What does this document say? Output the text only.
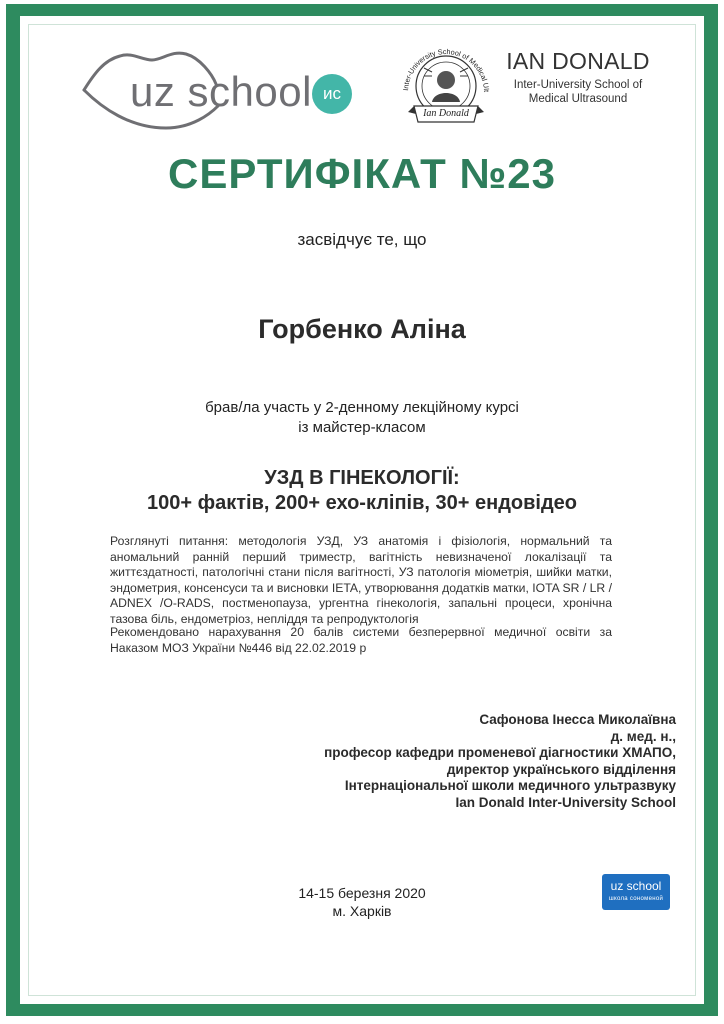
uz school ис	Inter-University School of Medical Ult
Ian Donald
IAN DONALD
Inter-University School of
Medical Ultrasound
СЕРТИФІКАТ №23
засвідчує те, що
Горбенко Аліна
брав/ла участь у 2-денному лекційному курсі
із майстер-класом
УЗД В ГІНЕКОЛОГІЇ:
100+ фактів, 200+ ехо-кліпів, 30+ ендовідео
Розглянуті питання: методологія УЗД, УЗ анатомія і фізіологія, нормальний та аномальний ранній перший триместр, вагітність невизначеної локалізації та життєздатності, патологічні стани після вагітності, УЗ патологія міометрія, шийки матки, эндометрия, консенсуси та и висновки IETA, утворювання додатків матки, IOTA SR / LR / ADNEX /O-RADS, постменопауза, ургентна гінекологія, запальні процеси, хронічна тазова біль, ендометріоз, непліддя та репродуктологія
Рекомендовано нарахування 20 балів системи безперервної медичної освіти за Наказом МОЗ України №446 від 22.02.2019 р
Сафонова Інесса Миколаївна
д. мед. н.,
професор кафедри променевої діагностики ХМАПО,
директор українського відділення
Інтернаціональної школи медичного ультразвуку
Ian Donald Inter-University School
14-15 березня 2020
м. Харків
uz school
школа сономеной
